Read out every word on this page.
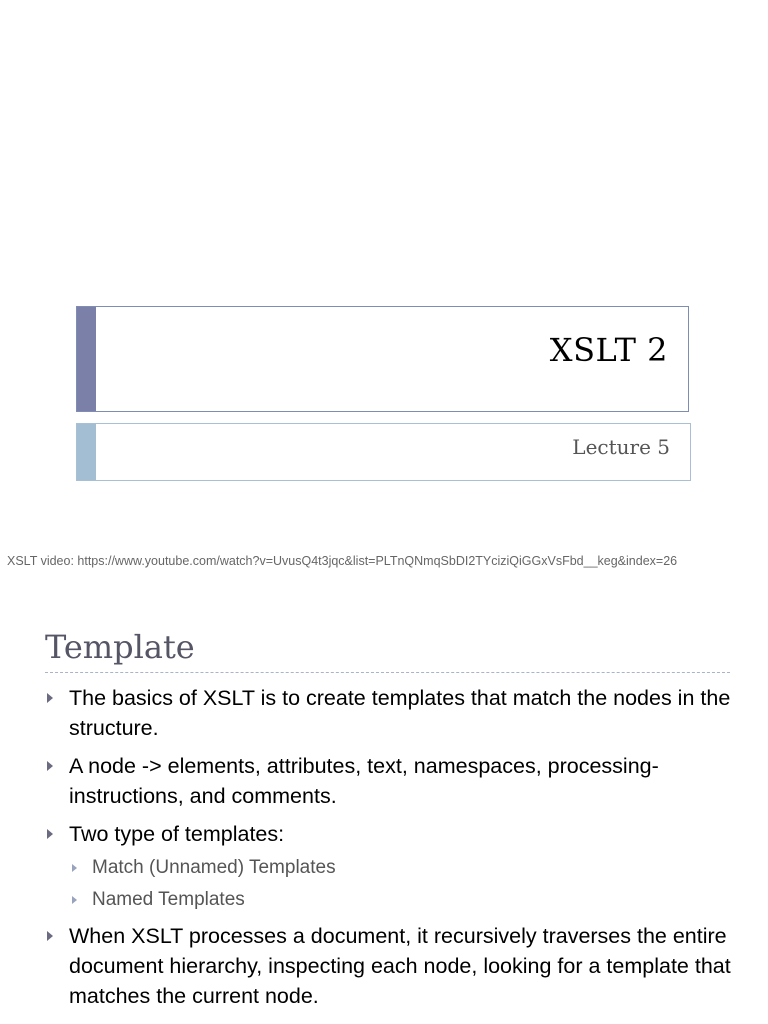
XSLT 2
Lecture 5
XSLT video: https://www.youtube.com/watch?v=UvusQ4t3jqc&list=PLTnQNmqSbDI2TYciziQiGGxVsFbd__keg&index=26
Template
The basics of XSLT is to create templates that match the nodes in the structure.
A node -> elements, attributes, text, namespaces, processing-instructions, and comments.
Two type of templates:
Match (Unnamed) Templates
Named Templates
When XSLT processes a document, it recursively traverses the entire document hierarchy, inspecting each node, looking for a template that matches the current node.
